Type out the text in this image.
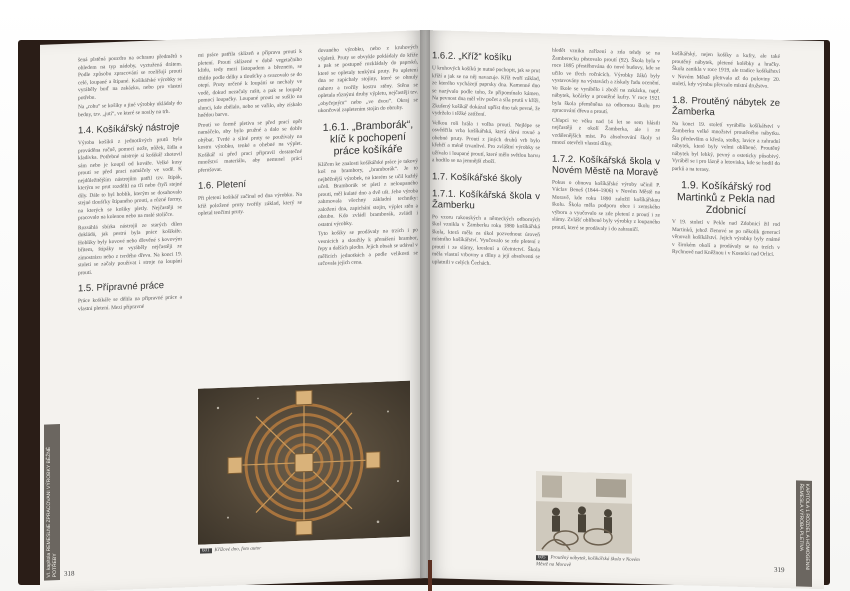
šená plstěná pouzdra na ochranu předmětů s ohledem na typ nádoby, vyztužená drátem. Podle způsobu zpracování se rozlišují proutí celé, loupané a štípané. Košíkářské výrobky se vyráběly buď na zakázku, nebo pro vlastní potřebu.

Na „rohu“ se košíky a jiné výrobky ukládaly do bedny, tzv. „jutí“, ve které se nosily na trh.

1.4. Košíkářský nástroje

Výroba košíků z jednotlivých prutů byla prováděna ručně, pomocí nože, nůžek, šídla a kladívka. Potřebné nástroje si košíkář zhotovil sám nebo je koupil od kováře. Velké kusy proutí se před prací namáčely ve vodě. K nejdůležitějším nástrojům patřil tzv. štípák, kterým se prut rozdělil na tři nebo čtyři stejné díly. Dále to byl hoblík, kterým se dosahovalo stejné tloušťky štípaného proutí, a různé formy, na kterých se košíky pletly. Nejčastěji se pracovalo na kolenou nebo na malé stoličce.

Rozsáhlá sbírka nástrojů ze starých dílen dokládá, jak pestrá byla práce košíkáře. Hoblíky byly kovové nebo dřevěné s kovovým břitem, štípáky se vyráběly nejčastěji ze zimostrázu nebo z tvrdého dřeva. Na konci 19. století se začaly používat i stroje na loupání proutí.

1.5. Přípravné práce

Práce košíkáře se dělila na přípravné práce a vlastní pletení. Mezi přípravné

mi práce patřila sklizeň a příprava proutí k pletení. Proutí sklízené v době vegetačního klidu, tedy mezi listopadem a březnem, se třídilo podle délky a tloušťky a svazovalo se do otepí. Pruty určené k loupání se nechaly ve vodě, dokud nezačaly rašit, a pak se loupaly pomocí loupačky. Loupané proutí se sušilo na slunci, kde zbělalo, nebo se vařilo, aby získalo hnědou barvu.

Proutí ve formě pletiva se před prací opět namáčelo, aby bylo pružné a dalo se dobře ohýbat. Tvrdé a silné pruty se používaly na kostru výrobku, tenké a ohebné na výplet. Košíkář si před prací připravil dostatečné množství materiálu, aby nemusel práci přerušovat.

1.6. Pletení

Při pletení košíkář začínal od dna výrobku. Na kříž položené pruty tvořily základ, který se opletal tenčími pruty.

dovaného výrobku, nebo z kruhových výpletů. Pruty se obvykle pokládaly do kříže a pak se postupně rozkládaly do paprsků, které se opletaly tenkými pruty. Po upletení dna se zapíchaly stojiny, které se ohnuly nahoru a tvořily kostru stěny. Stěna se opletala různými druhy výpletu, nejčastěji tzv. „obyčejným“ nebo „ve dvou“. Okraj se ukončoval zapletením stojin do obruby.

1.6.1. „Bramborák“, klíč k pochopení práce košíkáře

Klíčem ke znalosti košíkářské práce je takový koš na brambory, „bramborák“. Je to nejběžnější výrobek, na kterém se učil každý učeň. Bramborák se pletl z neloupaného proutí, měl kulaté dno a dvě uši. Jeho výroba zahrnovala všechny základní techniky: založení dna, zapíchání stojin, výplet stěn a obrubu. Kdo zvládl bramborák, zvládl i ostatní výrobky.

Tyto košíky se prodávaly na trzích i po vesnicích a sloužily k přenášení brambor, řepy a dalších plodin. Jejich obsah se udával v měřicích jednotkách a podle velikosti se určovala jejich cena.

601 Křížové dno, foto autor
VI. kapitola REMESLNE ZPRACOVANI VÝROBKY BĚŽNÉ POTŘEBY 318
1.6.2. „Kříž“ košíku

U kruhových košíků je nutné pochopit, jak se prut kříží a jak se na něj navazuje. Kříž tvoří základ, ze kterého vycházejí paprsky dna. Kamenné dno se nazývalo podle toho, že připomínalo kámen. Na pevnost dna měl vliv počet a síla prutů v kříži. Zkušený košíkář dokázal upříst dno tak pevné, že vydrželo i těžké zatížení.

Velkou roli hrála i volba proutí. Nejlépe se osvědčila vrba košíkářská, která dává rovné a ohebné pruty. Proutí z jiných druhů vrb bylo křehčí a méně trvanlivé. Pro zvláštní výrobky se užívalo i loupané proutí, které mělo světlou barvu a hodilo se na jemnější zboží.

1.7. Košíkářské školy
1.7.1. Košíkářská škola v Žamberku

Po vzoru rakouských a německých odborných škol vznikla v Žamberku roku 1880 košíkářská škola, která měla za úkol pozvednout úroveň místního košíkářství. Vyučovalo se zde pletení z proutí i ze slámy, kreslení a účetnictví. Škola měla vlastní vrbovny a dílny a její absolventi se uplatnili v celých Čechách.

hledět vzniku zařízení a zda tehdy se na Žamberecku pěstovalo proutí (92). Škola byla v roce 1895 přestěhována do nové budovy, kde se učilo ve třech ročnících. Výrobky žáků byly vystavovány na výstavách a získaly řadu ocenění. Ve škole se vyrábělo i zboží na zakázku, např. nábytek, kočárky a proutěné kufry. V roce 1921 byla škola přeměněna na odbornou školu pro zpracování dřeva a proutí.

Chlapci ve věku nad 14 let se sem hlásili nejčastěji z okolí Žamberka, ale i ze vzdálenějších míst. Po absolvování školy si mnozí otevřeli vlastní dílny.

1.7.2. Košíkářská škola v Novém Městě na Moravě

Pokus o obnovu košíkářské výroby učinil P. Václav Beneš (1844–1906) v Novém Městě na Moravě, kde roku 1890 založil košíkářskou školu. Škola měla podporu obce i zemského výboru a vyučovalo se zde pletení z proutí i ze slámy. Zvlášť oblíbené byly výrobky z loupaného proutí, které se prodávaly i do zahraničí.

košíkářský, nejen košíky a kufry, ale také proutěný nábytek, pletené kolébky a hračky. Škola zanikla v roce 1919, ale tradice košíkářství v Novém Městě přetrvala až do poloviny 20. století, kdy výrobu převzalo místní družstvo.

1.8. Proutěný nábytek ze Žamberka

Na konci 19. století vyrábělo košíkářství v Žamberku velké množství proutěného nábytku. Šlo především o křesla, stolky, lavice a zahradní nábytek, které byly velmi oblíbené. Proutěný nábytek byl lehký, pevný a esteticky působivý. Vyráběl se i pro lázně a letoviska, kde se hodil do parků a na terasy.

1.9. Košíkářský rod Martinků z Pekla nad Zdobnicí

V 19. století v Pekle nad Zdobnicí žil rod Martinků, jehož členové se po několik generací věnovali košíkářství. Jejich výrobky byly známé v širokém okolí a prodávaly se na trzích v Rychnově nad Kněžnou i v Kostelci nad Orlicí.

605 Proutěný nábytek, košíkářská škola v Novém Městě na Moravě
KAPITOLA 1 ROZDEL A HOMOGENNI ŘEMESLA VÝROBA PLETIVA
319
